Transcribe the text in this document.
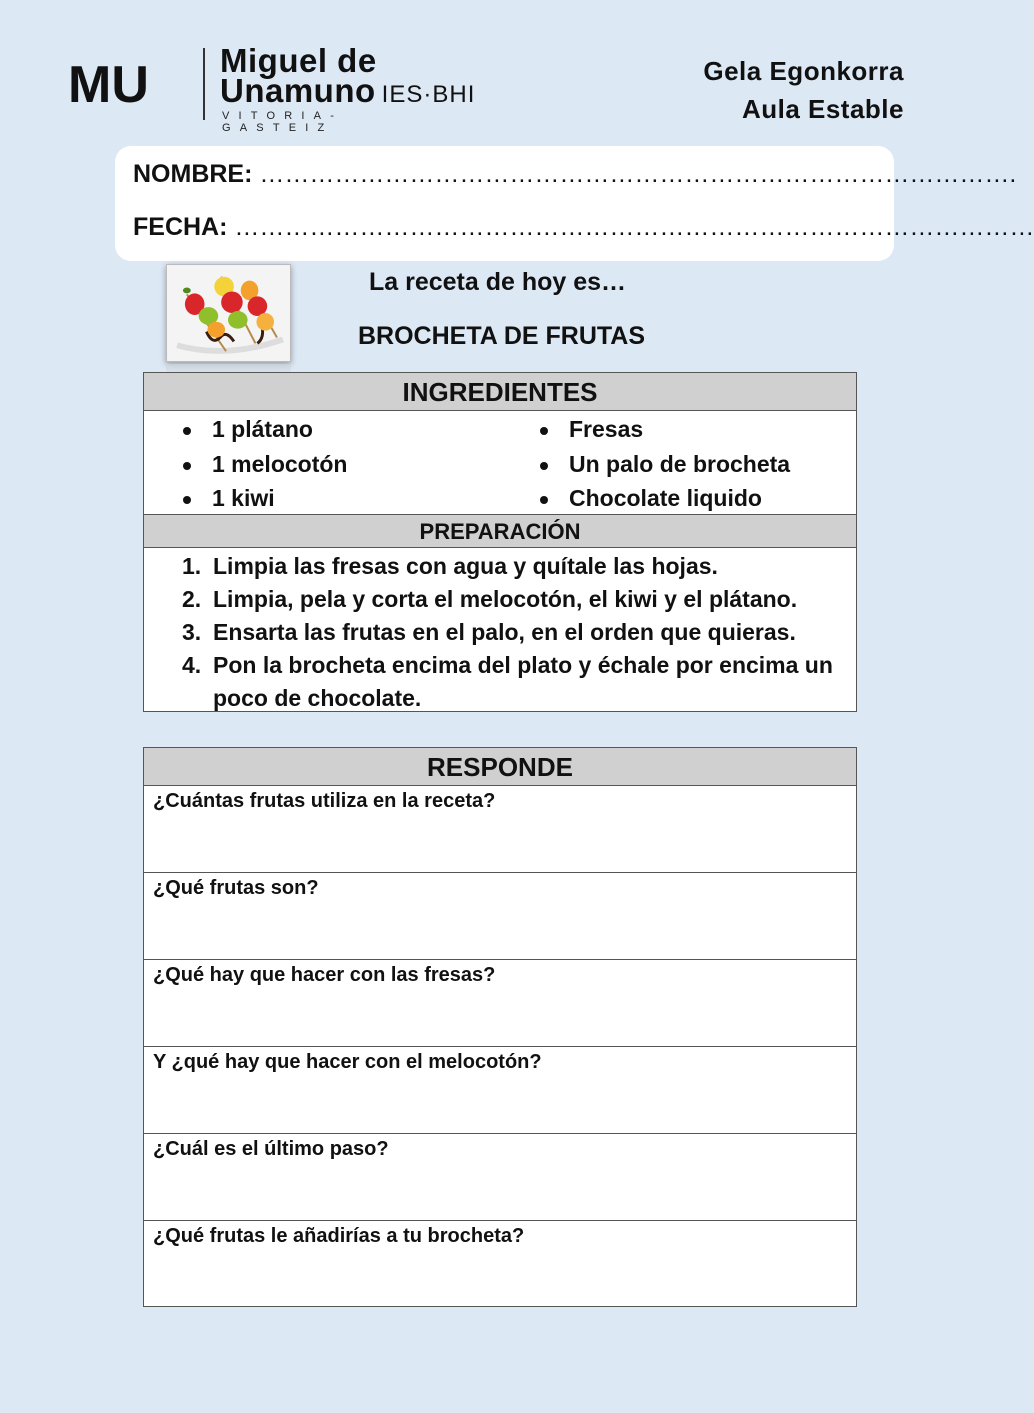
MU Miguel de
Unamuno IES·BHI
VITORIA-GASTEIZ
Gela Egonkorra
Aula Estable
NOMBRE: ……………………………………………………………………………….
FECHA: ……………………………………………………………………………………
La receta de hoy es…
BROCHETA DE FRUTAS
INGREDIENTES
1 plátano
1 melocotón
1 kiwi
Fresas
Un palo de brocheta
Chocolate liquido
PREPARACIÓN
1. Limpia las fresas con agua y quítale las hojas.
2. Limpia, pela y corta el melocotón, el kiwi y el plátano.
3. Ensarta las frutas en el palo, en el orden que quieras.
4. Pon la brocheta encima del plato y échale por encima un poco de chocolate.
RESPONDE
¿Cuántas frutas utiliza en la receta?
¿Qué frutas son?
¿Qué hay que hacer con las fresas?
Y ¿qué hay que hacer con el melocotón?
¿Cuál es el último paso?
¿Qué frutas le añadirías a tu brocheta?
